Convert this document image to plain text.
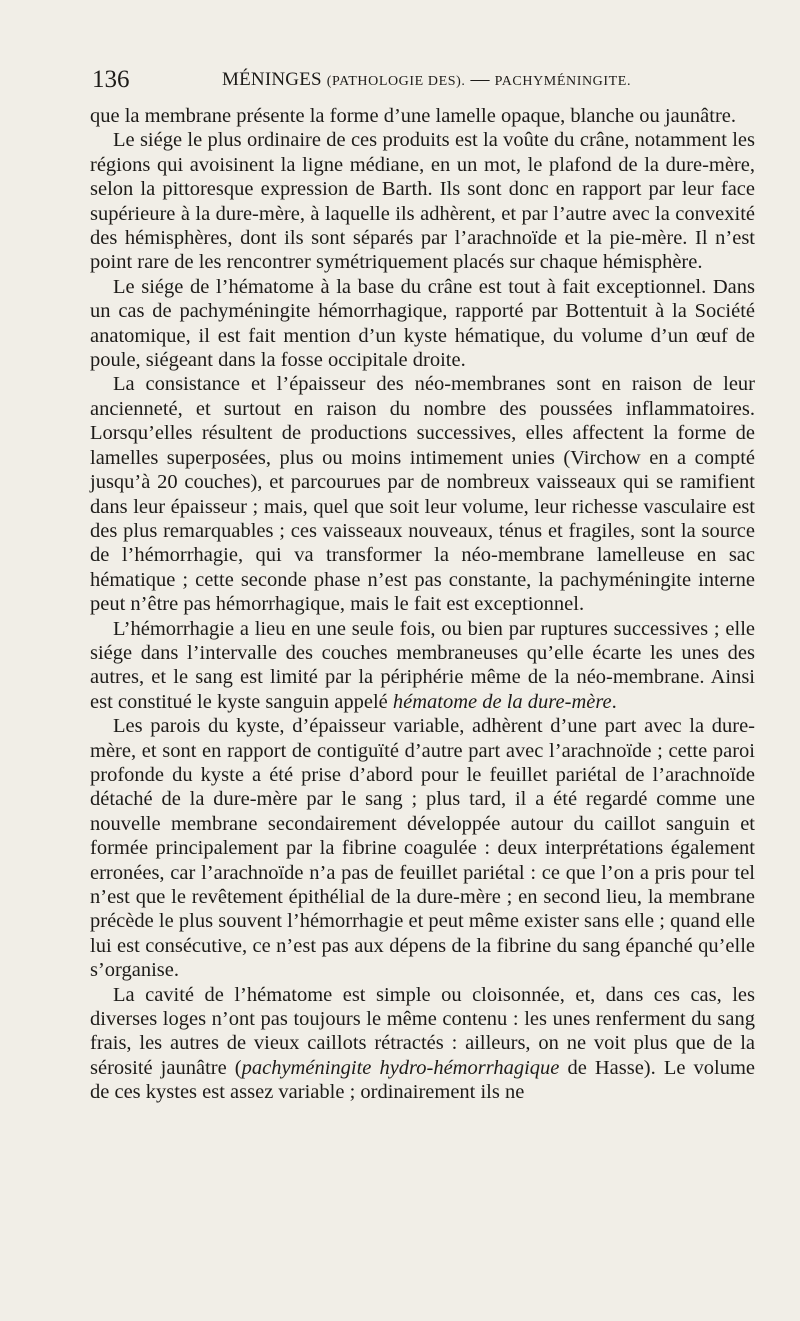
136	MÉNINGES (PATHOLOGIE DES). — PACHYMÉNINGITE.

que la membrane présente la forme d’une lamelle opaque, blanche ou jaunâtre.

Le siége le plus ordinaire de ces produits est la voûte du crâne, notamment les régions qui avoisinent la ligne médiane, en un mot, le plafond de la dure-mère, selon la pittoresque expression de Barth. Ils sont donc en rapport par leur face supérieure à la dure-mère, à laquelle ils adhèrent, et par l’autre avec la convexité des hémisphères, dont ils sont séparés par l’arachnoïde et la pie-mère. Il n’est point rare de les rencontrer symétriquement placés sur chaque hémisphère.

Le siége de l’hématome à la base du crâne est tout à fait exceptionnel. Dans un cas de pachyméningite hémorrhagique, rapporté par Bottentuit à la Société anatomique, il est fait mention d’un kyste hématique, du volume d’un œuf de poule, siégeant dans la fosse occipitale droite.

La consistance et l’épaisseur des néo-membranes sont en raison de leur ancienneté, et surtout en raison du nombre des poussées inflammatoires. Lorsqu’elles résultent de productions successives, elles affectent la forme de lamelles superposées, plus ou moins intimement unies (Virchow en a compté jusqu’à 20 couches), et parcourues par de nombreux vaisseaux qui se ramifient dans leur épaisseur ; mais, quel que soit leur volume, leur richesse vasculaire est des plus remarquables ; ces vaisseaux nouveaux, ténus et fragiles, sont la source de l’hémorrhagie, qui va transformer la néo-membrane lamelleuse en sac hématique ; cette seconde phase n’est pas constante, la pachyméningite interne peut n’être pas hémorrhagique, mais le fait est exceptionnel.

L’hémorrhagie a lieu en une seule fois, ou bien par ruptures successives ; elle siége dans l’intervalle des couches membraneuses qu’elle écarte les unes des autres, et le sang est limité par la périphérie même de la néo-membrane. Ainsi est constitué le kyste sanguin appelé hématome de la dure-mère.

Les parois du kyste, d’épaisseur variable, adhèrent d’une part avec la dure-mère, et sont en rapport de contiguïté d’autre part avec l’arachnoïde ; cette paroi profonde du kyste a été prise d’abord pour le feuillet pariétal de l’arachnoïde détaché de la dure-mère par le sang ; plus tard, il a été regardé comme une nouvelle membrane secondairement développée autour du caillot sanguin et formée principalement par la fibrine coagulée : deux interprétations également erronées, car l’arachnoïde n’a pas de feuillet pariétal : ce que l’on a pris pour tel n’est que le revêtement épithélial de la dure-mère ; en second lieu, la membrane précède le plus souvent l’hémorrhagie et peut même exister sans elle ; quand elle lui est consécutive, ce n’est pas aux dépens de la fibrine du sang épanché qu’elle s’organise.

La cavité de l’hématome est simple ou cloisonnée, et, dans ces cas, les diverses loges n’ont pas toujours le même contenu : les unes renferment du sang frais, les autres de vieux caillots rétractés : ailleurs, on ne voit plus que de la sérosité jaunâtre (pachyméningite hydro-hémorrhagique de Hasse). Le volume de ces kystes est assez variable ; ordinairement ils ne
